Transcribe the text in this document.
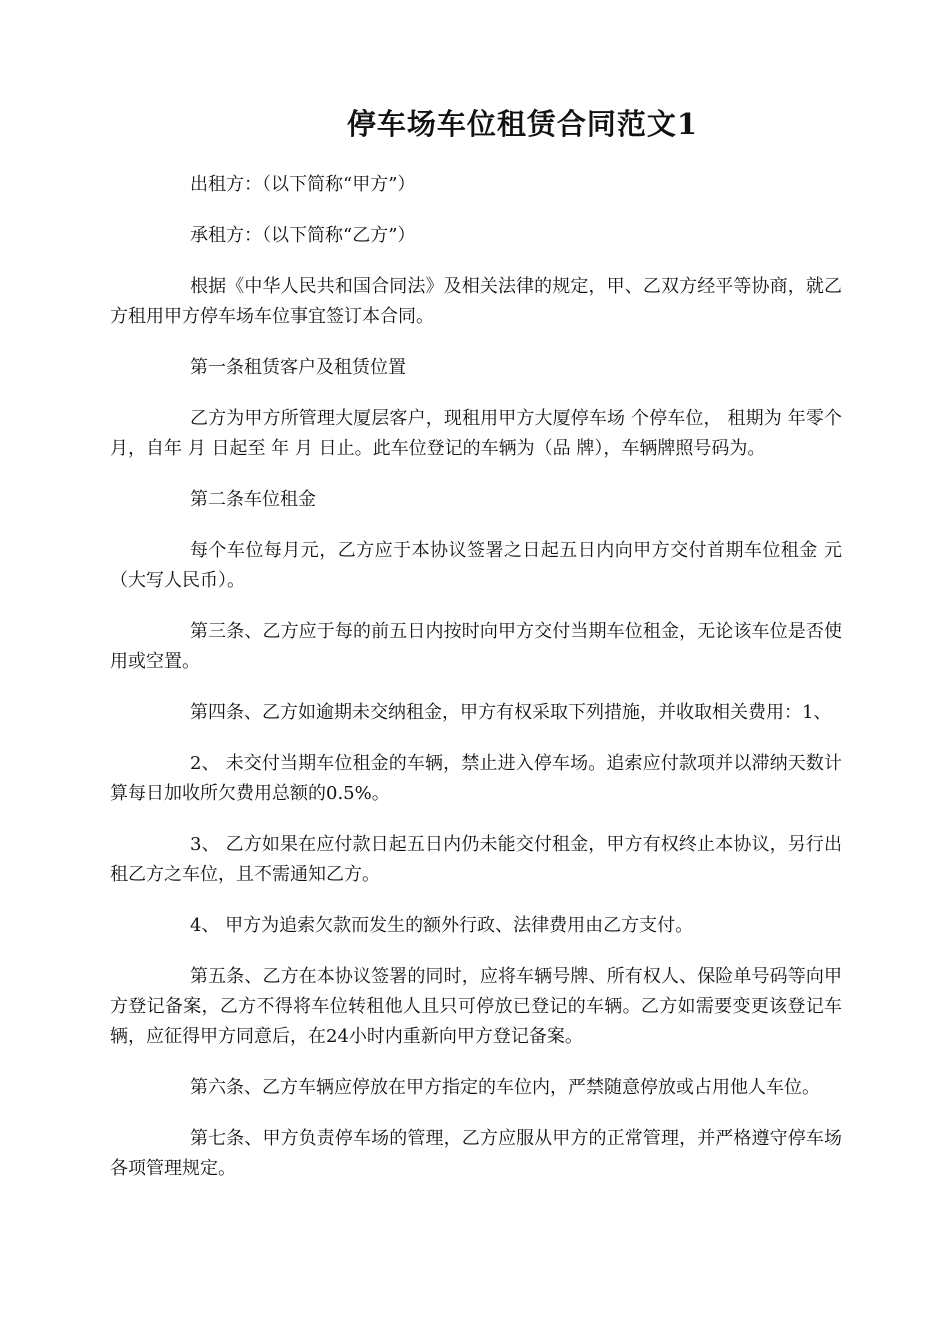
停车场车位租赁合同范文1

出租方：（以下简称“甲方”）

承租方：（以下简称“乙方”）

根据《中华人民共和国合同法》及相关法律的规定，甲、乙双方经平等协商，就乙方租用甲方停车场车位事宜签订本合同。

第一条租赁客户及租赁位置

乙方为甲方所管理大厦层客户，现租用甲方大厦停车场 个停车位， 租期为 年零个月，自年 月 日起至 年 月 日止。此车位登记的车辆为（品 牌），车辆牌照号码为。

第二条车位租金

每个车位每月元，乙方应于本协议签署之日起五日内向甲方交付首期车位租金 元（大写人民币）。

第三条、乙方应于每的前五日内按时向甲方交付当期车位租金，无论该车位是否使用或空置。

第四条、乙方如逾期未交纳租金，甲方有权采取下列措施，并收取相关费用：1、

2、 未交付当期车位租金的车辆，禁止进入停车场。追索应付款项并以滞纳天数计算每日加收所欠费用总额的0.5%。

3、 乙方如果在应付款日起五日内仍未能交付租金，甲方有权终止本协议，另行出租乙方之车位，且不需通知乙方。

4、 甲方为追索欠款而发生的额外行政、法律费用由乙方支付。

第五条、乙方在本协议签署的同时，应将车辆号牌、所有权人、保险单号码等向甲方登记备案，乙方不得将车位转租他人且只可停放已登记的车辆。乙方如需要变更该登记车辆，应征得甲方同意后，在24小时内重新向甲方登记备案。

第六条、乙方车辆应停放在甲方指定的车位内，严禁随意停放或占用他人车位。

第七条、甲方负责停车场的管理，乙方应服从甲方的正常管理，并严格遵守停车场各项管理规定。
